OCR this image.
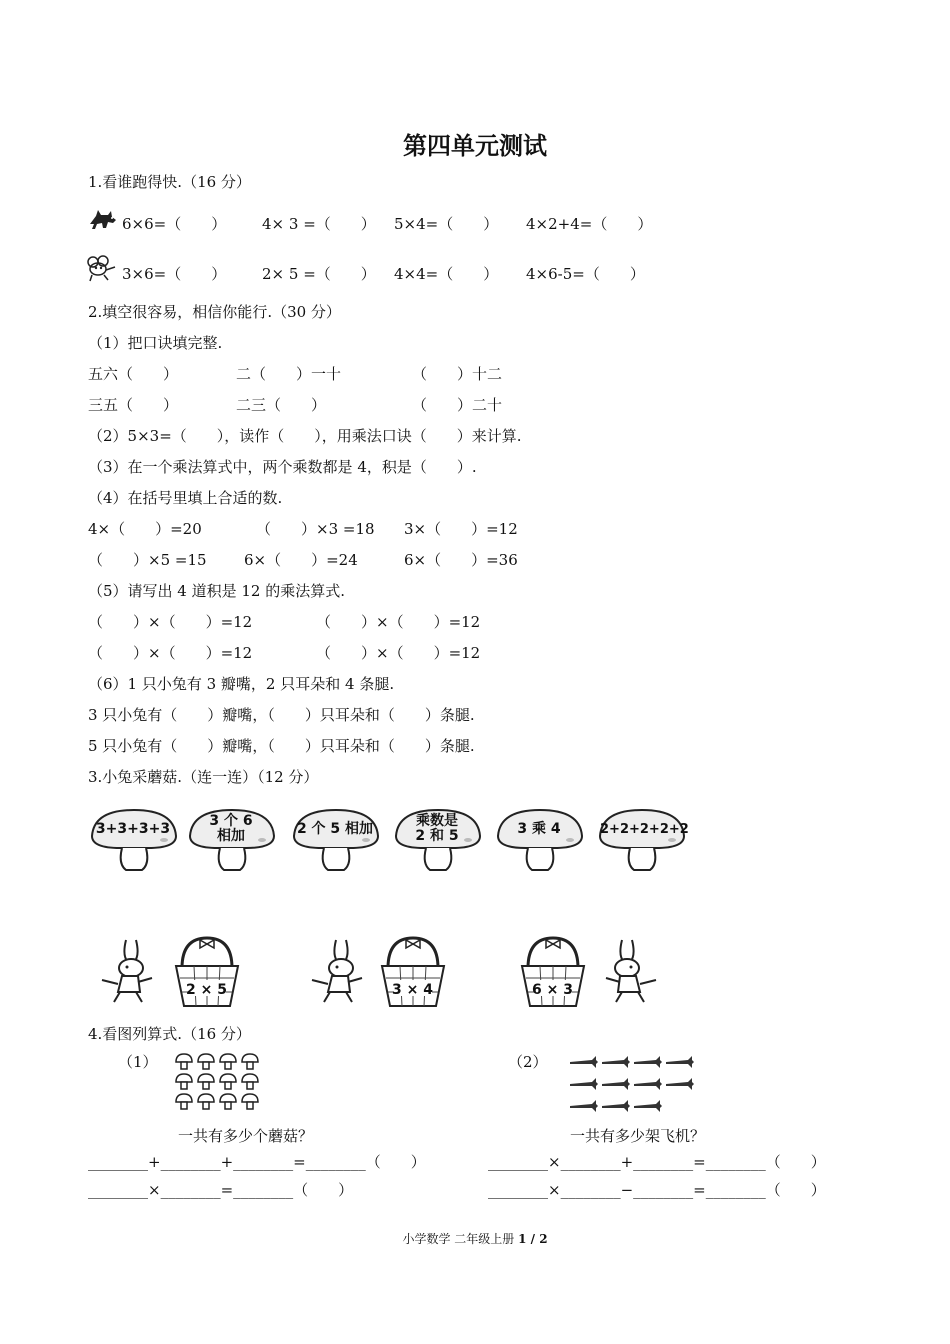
第四单元测试
1.看谁跑得快.（16 分）
6×6=（　　） 4× 3 =（　　） 5×4=（　　） 4×2+4=（　　）
3×6=（　　） 2× 5 =（　　） 4×4=（　　） 4×6-5=（　　）
2.填空很容易，相信你能行.（30 分）
（1）把口诀填完整.
五六（　　）	二（　　）一十	（　　）十二
三五（　　）	二三（　　）	（　　）二十
（2）5×3=（　　），读作（　　），用乘法口诀（　　）来计算.
（3）在一个乘法算式中，两个乘数都是 4，积是（　　）.
（4）在括号里填上合适的数.
4×（　　）=20	（　　）×3 =18 3×（　　）=12
（　　）×5 =15 6×（　　）=24	6×（　　）=36
（5）请写出 4 道积是 12 的乘法算式.
（　　）×（　　）=12	（　　）×（　　）=12
（　　）×（　　）=12	（　　）×（　　）=12
（6）1 只小兔有 3 瓣嘴，2 只耳朵和 4 条腿.
3 只小兔有（　　）瓣嘴，（　　）只耳朵和（　　）条腿.
5 只小兔有（　　）瓣嘴，（　　）只耳朵和（　　）条腿.
3.小兔采蘑菇.（连一连）（12 分）
3+3+3+3	3 个 6
相加	2 个 5 相加	乘数是
2 和 5	3 乘 4	2+2+2+2+2
2 × 5	3 × 4	6 × 3
4.看图列算式.（16 分）
（1）
一共有多少个蘑菇？
________+________+________=________（　　）
________×________=________（　　）
（2）
一共有多少架飞机？
________×________+________=________（　　）
________×________−________=________（　　）
小学数学 二年级上册 1 / 2
